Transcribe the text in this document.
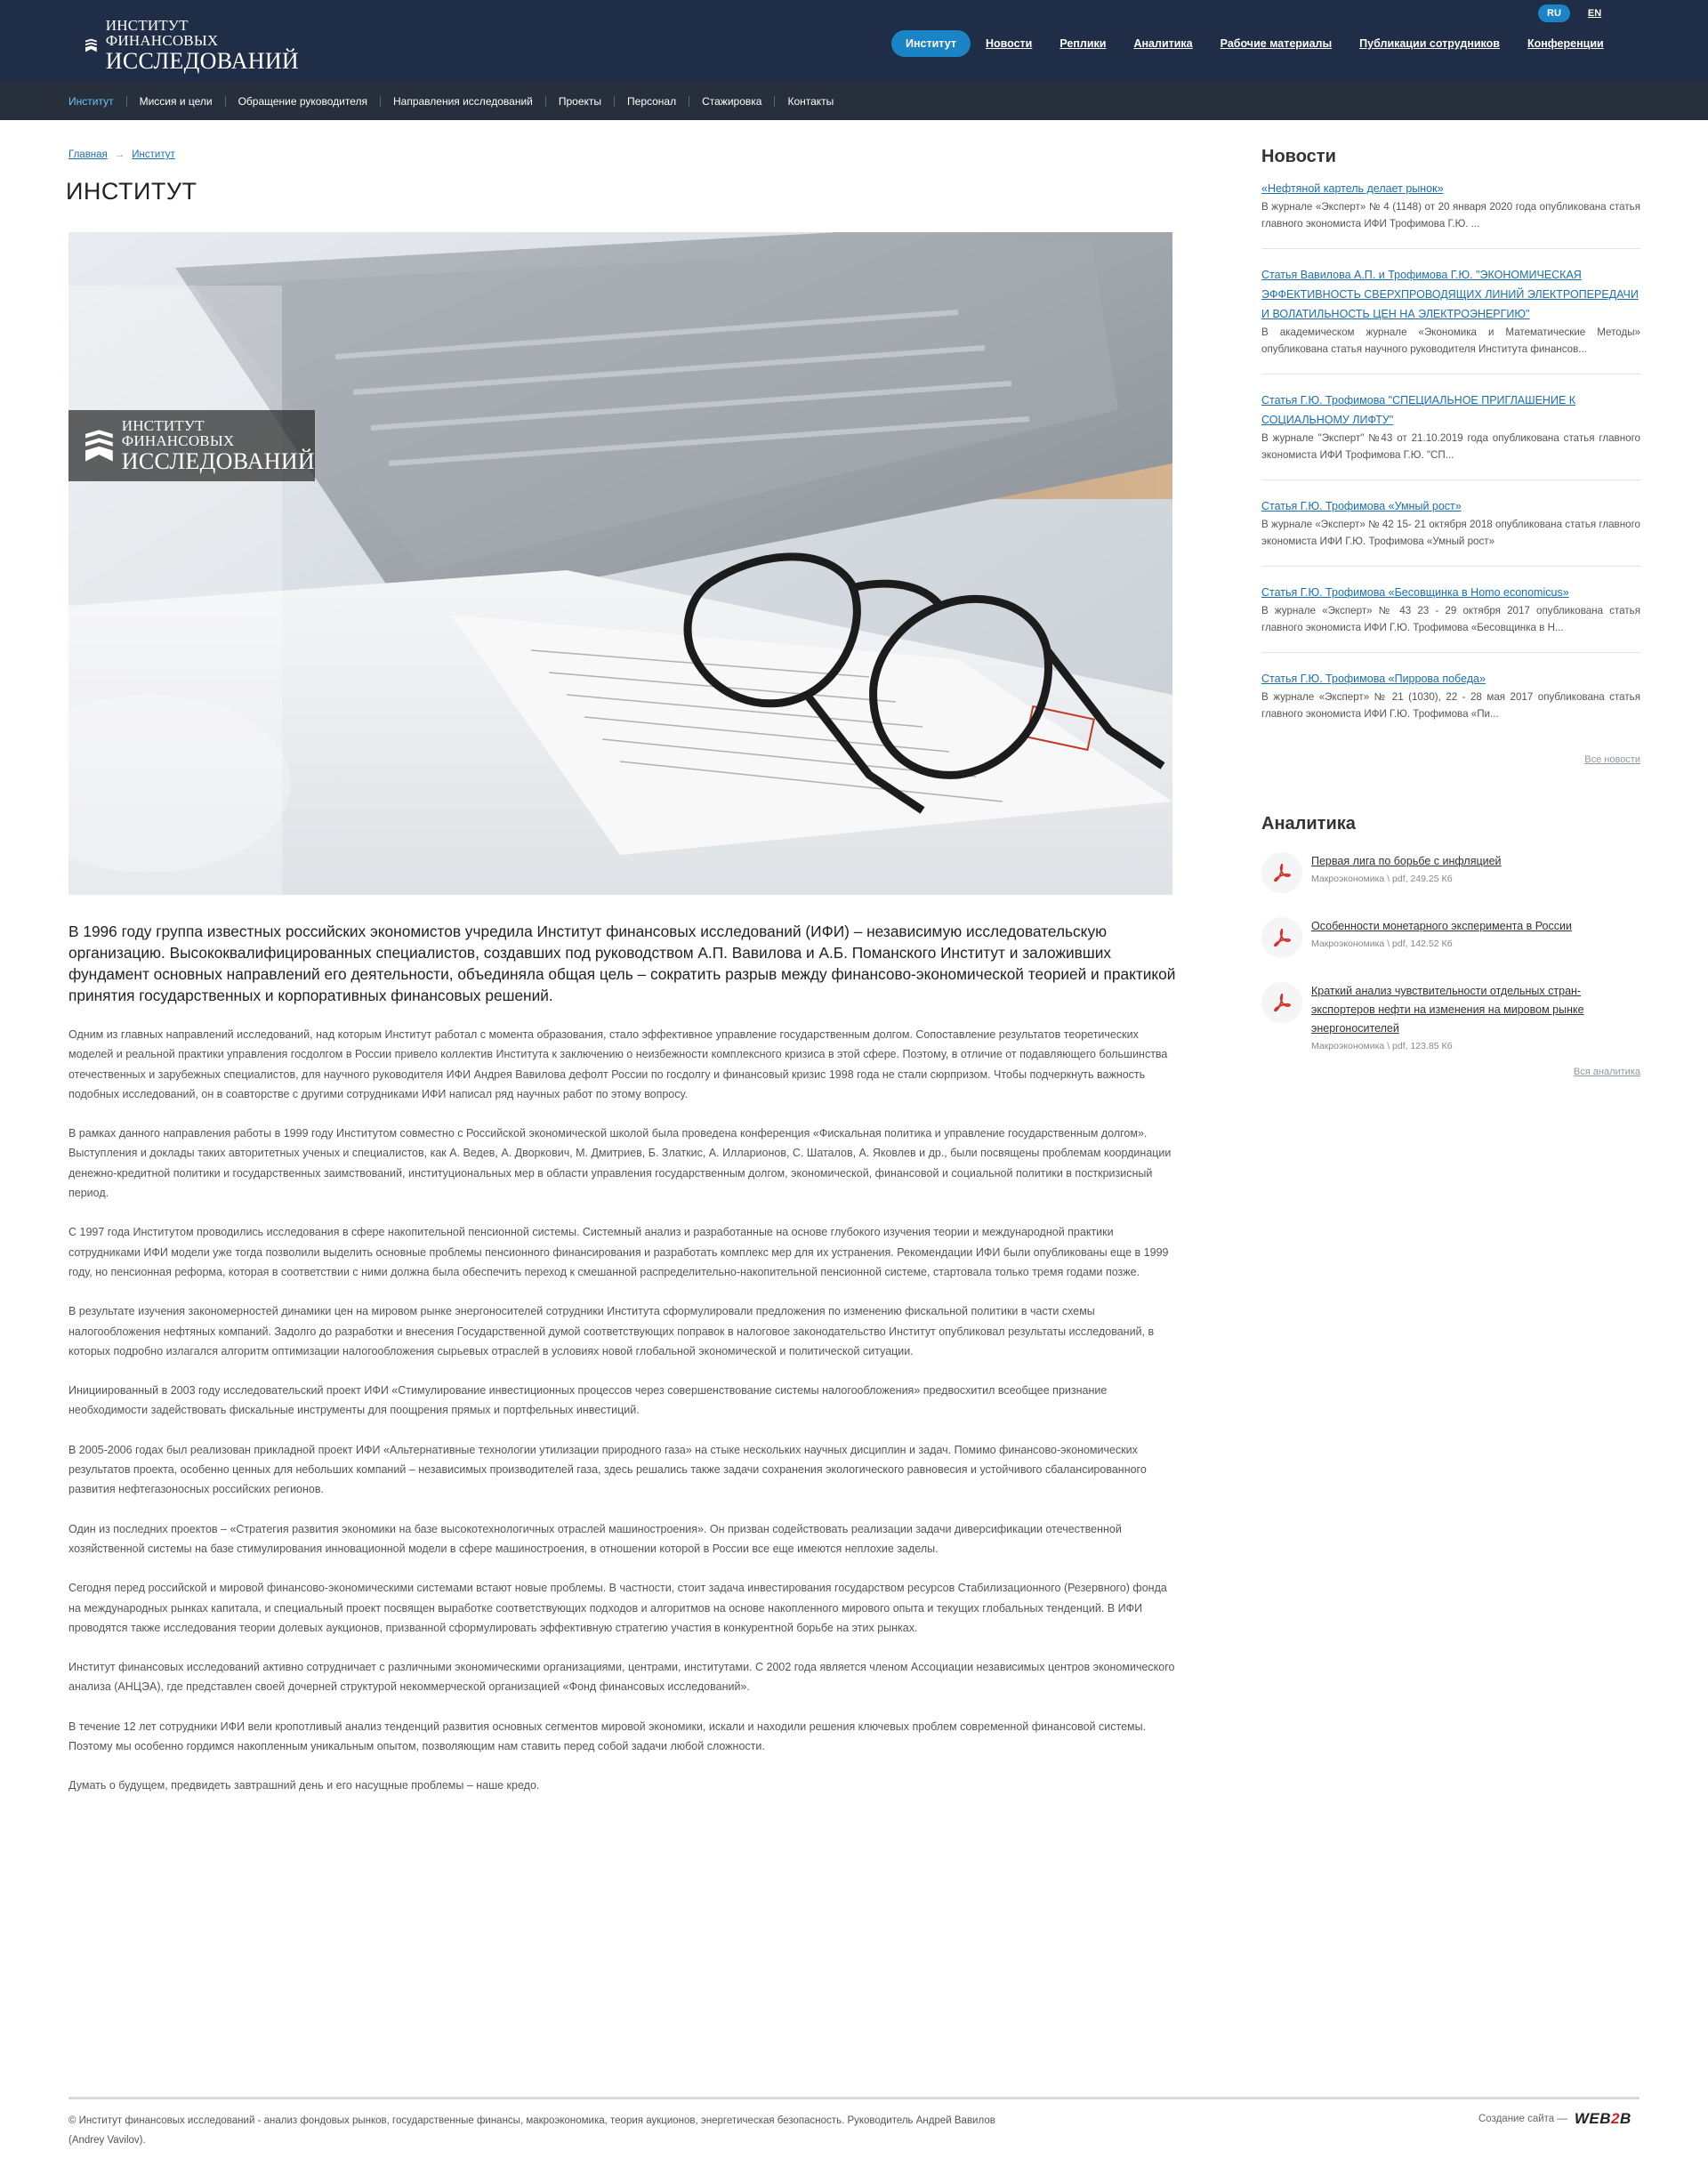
ИНСТИТУТ ФИНАНСОВЫХ
ИССЛЕДОВАНИЙ
RU	EN
Институт	Новости Реплики Аналитика Рабочие материалы Публикации сотрудников Конференции
Институт Миссия и цели Обращение руководителя Направления исследований Проекты Персонал Стажировка Контакты
Главная → Институт
ИНСТИТУТ
ИНСТИТУТ ФИНАНСОВЫХ
ИССЛЕДОВАНИЙ
В 1996 году группа известных российских экономистов учредила Институт финансовых исследований (ИФИ) – независимую исследовательскую организацию. Высококвалифицированных специалистов, создавших под руководством А.П. Вавилова и А.Б. Поманского Институт и заложивших фундамент основных направлений его деятельности, объединяла общая цель – сократить разрыв между финансово-экономической теорией и практикой принятия государственных и корпоративных финансовых решений.

Одним из главных направлений исследований, над которым Институт работал с момента образования, стало эффективное управление государственным долгом. Сопоставление результатов теоретических моделей и реальной практики управления госдолгом в России привело коллектив Института к заключению о неизбежности комплексного кризиса в этой сфере. Поэтому, в отличие от подавляющего большинства отечественных и зарубежных специалистов, для научного руководителя ИФИ Андрея Вавилова дефолт России по госдолгу и финансовый кризис 1998 года не стали сюрпризом. Чтобы подчеркнуть важность подобных исследований, он в соавторстве с другими сотрудниками ИФИ написал ряд научных работ по этому вопросу.

В рамках данного направления работы в 1999 году Институтом совместно с Российской экономической школой была проведена конференция «Фискальная политика и управление государственным долгом». Выступления и доклады таких авторитетных ученых и специалистов, как А. Ведев, А. Дворкович, М. Дмитриев, Б. Златкис, А. Илларионов, С. Шаталов, А. Яковлев и др., были посвящены проблемам координации денежно-кредитной политики и государственных заимствований, институциональных мер в области управления государственным долгом, экономической, финансовой и социальной политики в посткризисный период.

С 1997 года Институтом проводились исследования в сфере накопительной пенсионной системы. Системный анализ и разработанные на основе глубокого изучения теории и международной практики сотрудниками ИФИ модели уже тогда позволили выделить основные проблемы пенсионного финансирования и разработать комплекс мер для их устранения. Рекомендации ИФИ были опубликованы еще в 1999 году, но пенсионная реформа, которая в соответствии с ними должна была обеспечить переход к смешанной распределительно-накопительной пенсионной системе, стартовала только тремя годами позже.

В результате изучения закономерностей динамики цен на мировом рынке энергоносителей сотрудники Института сформулировали предложения по изменению фискальной политики в части схемы налогообложения нефтяных компаний. Задолго до разработки и внесения Государственной думой соответствующих поправок в налоговое законодательство Институт опубликовал результаты исследований, в которых подробно излагался алгоритм оптимизации налогообложения сырьевых отраслей в условиях новой глобальной экономической и политической ситуации.

Инициированный в 2003 году исследовательский проект ИФИ «Стимулирование инвестиционных процессов через совершенствование системы налогообложения» предвосхитил всеобщее признание необходимости задействовать фискальные инструменты для поощрения прямых и портфельных инвестиций.

В 2005-2006 годах был реализован прикладной проект ИФИ «Альтернативные технологии утилизации природного газа» на стыке нескольких научных дисциплин и задач. Помимо финансово-экономических результатов проекта, особенно ценных для небольших компаний – независимых производителей газа, здесь решались также задачи сохранения экологического равновесия и устойчивого сбалансированного развития нефтегазоносных российских регионов.

Один из последних проектов – «Стратегия развития экономики на базе высокотехнологичных отраслей машиностроения». Он призван содействовать реализации задачи диверсификации отечественной хозяйственной системы на базе стимулирования инновационной модели в сфере машиностроения, в отношении которой в России все еще имеются неплохие заделы.

Сегодня перед российской и мировой финансово-экономическими системами встают новые проблемы. В частности, стоит задача инвестирования государством ресурсов Стабилизационного (Резервного) фонда на международных рынках капитала, и специальный проект посвящен выработке соответствующих подходов и алгоритмов на основе накопленного мирового опыта и текущих глобальных тенденций. В ИФИ проводятся также исследования теории долевых аукционов, призванной сформулировать эффективную стратегию участия в конкурентной борьбе на этих рынках.

Институт финансовых исследований активно сотрудничает с различными экономическими организациями, центрами, институтами. С 2002 года является членом Ассоциации независимых центров экономического анализа (АНЦЭА), где представлен своей дочерней структурой некоммерческой организацией «Фонд финансовых исследований».

В течение 12 лет сотрудники ИФИ вели кропотливый анализ тенденций развития основных сегментов мировой экономики, искали и находили решения ключевых проблем современной финансовой системы. Поэтому мы особенно гордимся накопленным уникальным опытом, позволяющим нам ставить перед собой задачи любой сложности.

Думать о будущем, предвидеть завтрашний день и его насущные проблемы – наше кредо.

Новости
«Нефтяной картель делает рынок»

В журнале «Эксперт» № 4 (1148) от 20 января 2020 года опубликована статья главного экономиста ИФИ Трофимова Г.Ю. ...

Статья Вавилова А.П. и Трофимова Г.Ю. "ЭКОНОМИЧЕСКАЯ ЭФФЕКТИВНОСТЬ СВЕРХПРОВОДЯЩИХ ЛИНИЙ ЭЛЕКТРОПЕРЕДАЧИ И ВОЛАТИЛЬНОСТЬ ЦЕН НА ЭЛЕКТРОЭНЕРГИЮ"

В академическом журнале «Экономика и Математические Методы» опубликована статья научного руководителя Института финансов...

Статья Г.Ю. Трофимова "СПЕЦИАЛЬНОЕ ПРИГЛАШЕНИЕ К СОЦИАЛЬНОМУ ЛИФТУ"

В журнале "Эксперт" №43 от 21.10.2019 года опубликована статья главного экономиста ИФИ Трофимова Г.Ю. "СП...

Статья Г.Ю. Трофимова «Умный рост»

В журнале «Эксперт» № 42 15- 21 октября 2018 опубликована статья главного экономиста ИФИ Г.Ю. Трофимова «Умный рост»

Статья Г.Ю. Трофимова «Бесовщинка в Homo economicus»

В журнале «Эксперт» № 43 23 - 29 октября 2017 опубликована статья главного экономиста ИФИ Г.Ю. Трофимова «Бесовщинка в Н...

Статья Г.Ю. Трофимова «Пиррова победа»

В журнале «Эксперт» № 21 (1030), 22 - 28 мая 2017 опубликована статья главного экономиста ИФИ Г.Ю. Трофимова «Пи...

Все новости
Аналитика
Первая лига по борьбе с инфляцией
Макроэкономика \ pdf, 249.25 Кб
Особенности монетарного эксперимента в России
Макроэкономика \ pdf, 142.52 Кб
Краткий анализ чувствительности отдельных стран-экспортеров нефти на изменения на мировом рынке энергоносителей
Макроэкономика \ pdf, 123.85 Кб
Вся аналитика
© Институт финансовых исследований - анализ фондовых рынков, государственные финансы, макроэкономика, теория аукционов, энергетическая безопасность. Руководитель Андрей Вавилов (Andrey Vavilov).
Создание сайта — WEB2B
